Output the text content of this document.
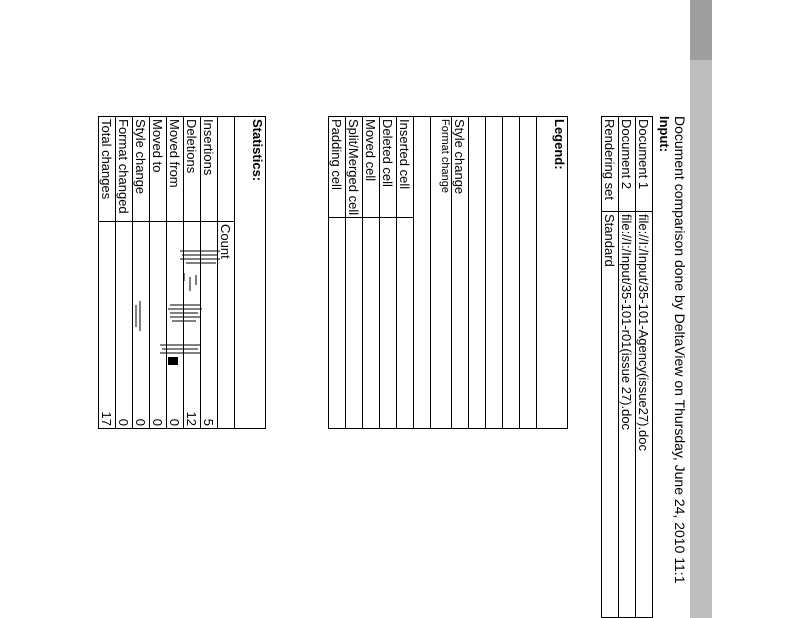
Document comparison done by DeltaView on Thursday, June 24, 2010 11:1
Input:
Document 1	file://I:/Input/35-101-Agency(issue27).doc
Document 2	file://I:/Input/35-101-r01(issue 27).doc
Rendering set	Standard
Legend:	

Style change	
Format change	

Inserted cell	
Deleted cell	
Moved cell	
Split/Merged cell	
Padding cell	
Statistics:		
	Count	
Insertions		5
Deletions		12
Moved from		0
Moved to		0
Style change		0
Format changed		0
Total changes		17
